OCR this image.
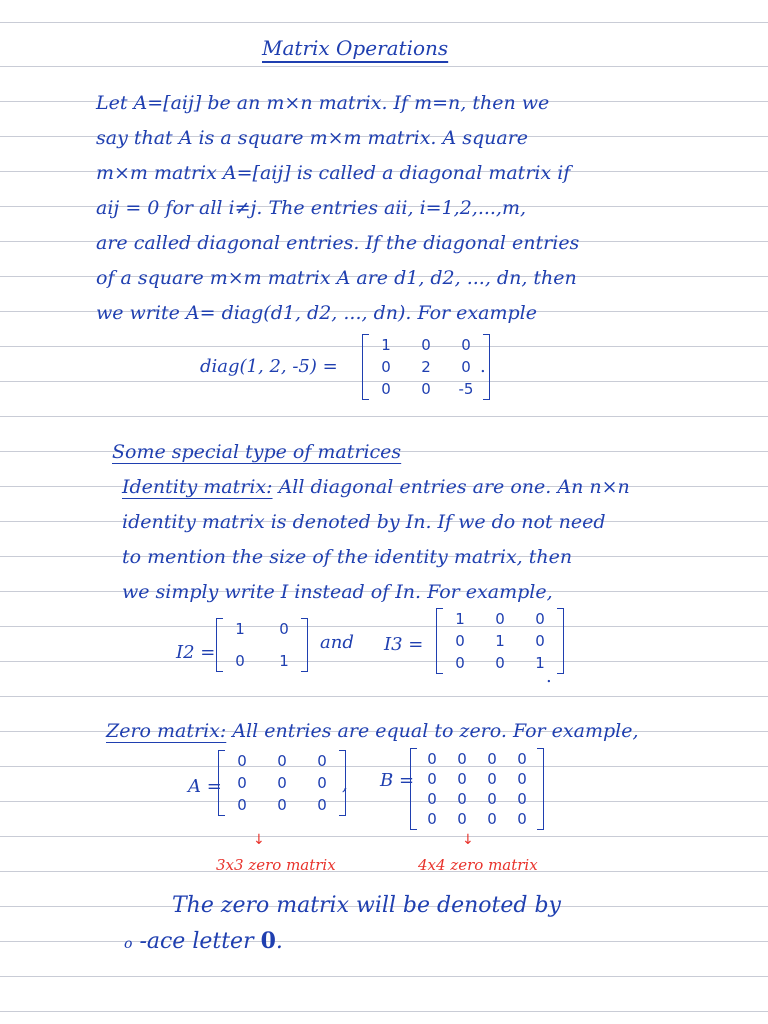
Matrix Operations
Let A=[aij] be an m×n matrix. If m=n, then we
say that A is a square m×m matrix. A square
m×m matrix A=[aij] is called a diagonal matrix if
aij = 0 for all i≠j. The entries aii, i=1,2,...,m,
are called diagonal entries. If the diagonal entries
of a square m×m matrix A are d1, d2, ..., dn, then
we write A= diag(d1, d2, ..., dn). For example
diag(1, 2, -5) =
1	0	0
0	2	0
0	0	-5
.
Some special type of matrices
Identity matrix: All diagonal entries are one. An n×n
identity matrix is denoted by In. If we do not need
to mention the size of the identity matrix, then
we simply write I instead of In. For example,
I2 =
1	0
0	1
and I3 =
1	0	0
0	1	0
0	0	1
.
Zero matrix: All entries are equal to zero. For example,
A =
0	0	0
0	0	0
0	0	0
, B =
0 0 0 0
0 0 0 0
0 0 0 0
0 0 0 0
↓	↓
3x3 zero matrix	4x4 zero matrix
The zero matrix will be denoted by
o -ace letter 0.
